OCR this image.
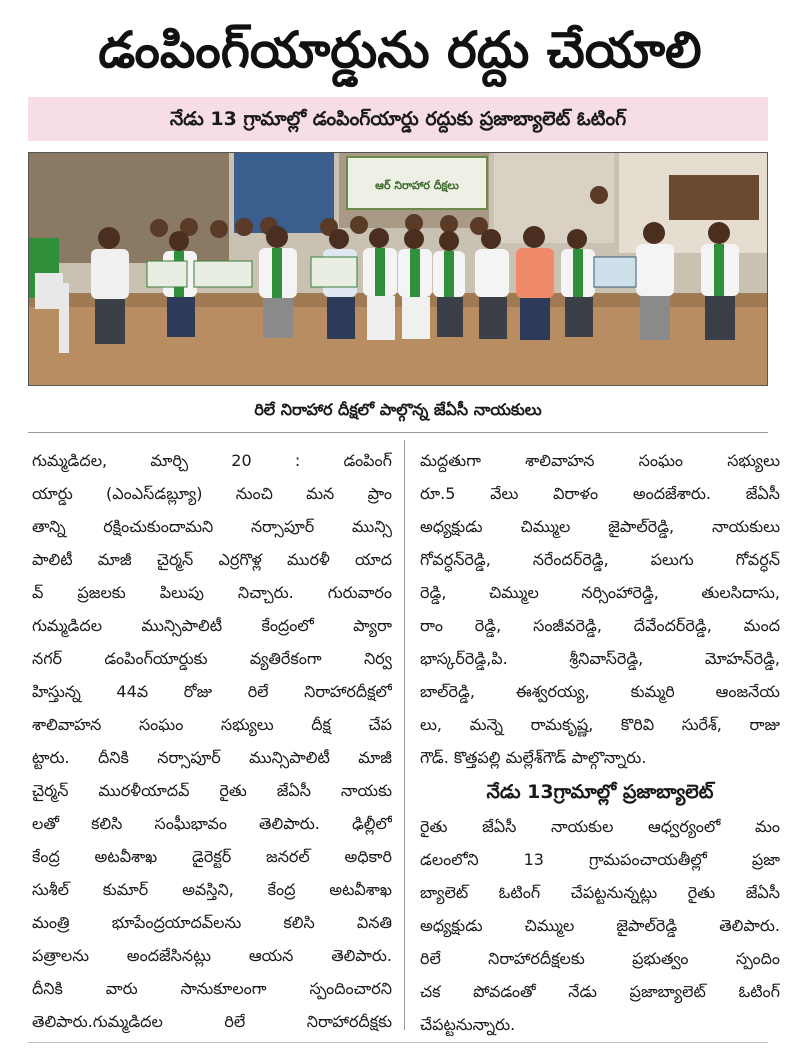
డంపింగ్‌యార్డును రద్దు చేయాలి
నేడు 13 గ్రామాల్లో డంపింగ్‌యార్డు రద్దుకు ప్రజాబ్యాలెట్ ఓటింగ్
ఆర్ నిరాహార దీక్షలు
రిలే నిరాహార దీక్షలో పాల్గొన్న జేఏసీ నాయకులు
గుమ్మడిదల, మార్చి 20 : డంపింగ్
యార్డు (ఎంఎస్‌డబ్ల్యూ) నుంచి మన ప్రాం
తాన్ని రక్షించుకుందామని నర్సాపూర్ మున్సి
పాలిటీ మాజీ చైర్మన్ ఎర్రగొళ్ల మురళీ యాద
వ్ ప్రజలకు పిలుపు నిచ్చారు. గురువారం
గుమ్మడిదల మున్సిపాలిటీ కేంద్రంలో ప్యారా
నగర్ డంపింగ్‌యార్డుకు వ్యతిరేకంగా నిర్వ
హిస్తున్న 44వ రోజు రిలే నిరాహారదీక్షలో
శాలివాహన సంఘం సభ్యులు దీక్ష చేప
ట్టారు. దీనికి నర్సాపూర్ మున్సిపాలిటీ మాజీ
చైర్మన్ మురళీయాదవ్ రైతు జేఏసీ నాయకు
లతో కలిసి సంఘీభావం తెలిపారు. ఢిల్లీలో
కేంద్ర అటవీశాఖ డైరెక్టర్ జనరల్ అధికారి
సుశీల్ కుమార్ అవస్తిని, కేంద్ర అటవీశాఖ
మంత్రి భూపేంద్రయాదవ్‌లను కలిసి వినతి
పత్రాలను అందజేసినట్లు ఆయన తెలిపారు.
దీనికి వారు సానుకూలంగా స్పందించారని
తెలిపారు.గుమ్మడిదల రిలే నిరాహారదీక్షకు
మద్దతుగా శాలివాహన సంఘం సభ్యులు
రూ.5 వేలు విరాళం అందజేశారు. జేఏసీ
అధ్యక్షుడు చిమ్ముల జైపాల్‌రెడ్డి, నాయకులు
గోవర్ధన్‌రెడ్డి, నరేందర్‌రెడ్డి, పలుగు గోవర్ధన్
రెడ్డి, చిమ్ముల నర్సింహారెడ్డి, తులసిదాసు,
రాం రెడ్డి, సంజీవరెడ్డి, దేవేందర్‌రెడ్డి, మంద
భాస్కర్‌రెడ్డి,పి. శ్రీనివాస్‌రెడ్డి, మోహన్‌రెడ్డి,
బాల్‌రెడ్డి, ఈశ్వరయ్య, కుమ్మరి ఆంజనేయ
లు, మన్నె రామకృష్ణ, కొరివి సురేశ్, రాజు
గౌడ్. కొత్తపల్లి మల్లేశ్‌గౌడ్ పాల్గొన్నారు.
నేడు 13గ్రామాల్లో ప్రజాబ్యాలెట్
రైతు జేఏసీ నాయకుల ఆధ్వర్యంలో మం
డలంలోని 13 గ్రామపంచాయతీల్లో ప్రజా
బ్యాలెట్ ఓటింగ్ చేపట్టనున్నట్లు రైతు జేఏసీ
అధ్యక్షుడు చిమ్ముల జైపాల్‌రెడ్డి తెలిపారు.
రిలే నిరాహారదీక్షలకు ప్రభుత్వం స్పందిం
చక పోవడంతో నేడు ప్రజాబ్యాలెట్ ఓటింగ్
చేపట్టనున్నారు.
